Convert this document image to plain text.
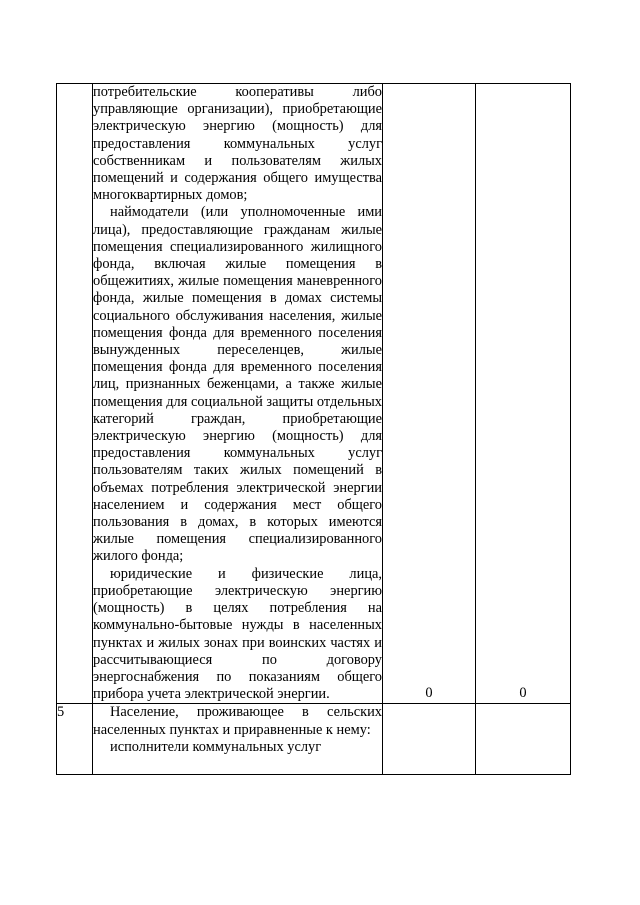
	потребительские кооперативы либо управляющие организации), приобретающие электрическую энергию (мощность) для предоставления коммунальных услуг собственникам и пользователям жилых помещений и содержания общего имущества многоквартирных домов;

наймодатели (или уполномоченные ими лица), предоставляющие гражданам жилые помещения специализированного жилищного фонда, включая жилые помещения в общежитиях, жилые помещения маневренного фонда, жилые помещения в домах системы социального обслуживания населения, жилые помещения фонда для временного поселения вынужденных переселенцев, жилые помещения фонда для временного поселения лиц, признанных беженцами, а также жилые помещения для социальной защиты отдельных категорий граждан, приобретающие электрическую энергию (мощность) для предоставления коммунальных услуг пользователям таких жилых помещений в объемах потребления электрической энергии населением и содержания мест общего пользования в домах, в которых имеются жилые помещения специализированного жилого фонда;

юридические и физические лица, приобретающие электрическую энергию (мощность) в целях потребления на коммунально-бытовые нужды в населенных пунктах и жилых зонах при воинских частях и рассчитывающиеся по договору энергоснабжения по показаниям общего прибора учета электрической энергии.	0	0
5	Население, проживающее в сельских населенных пунктах и приравненные к нему:

исполнители коммунальных услуг		
